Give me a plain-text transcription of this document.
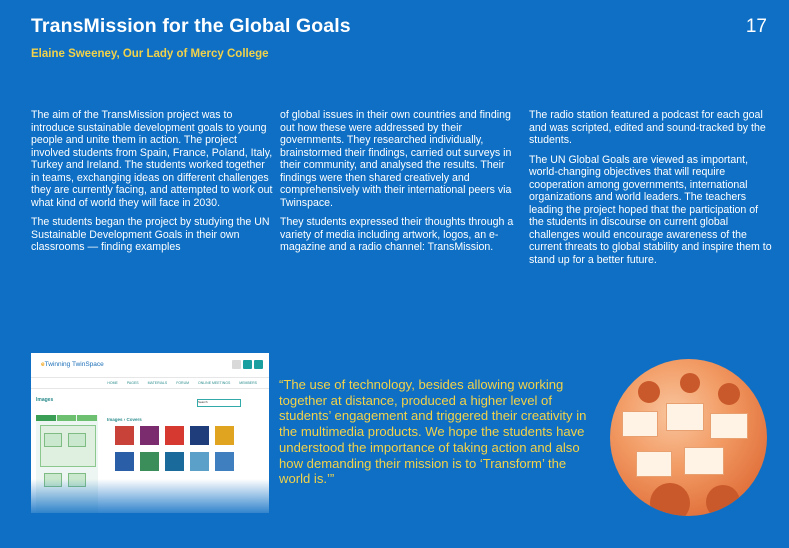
TransMission for the Global Goals	17
Elaine Sweeney, Our Lady of Mercy College

The aim of the TransMission project was to introduce sustainable development goals to young people and unite them in action. The project involved students from Spain, France, Poland, Italy, Turkey and Ireland. The students worked together in teams, exchanging ideas on different challenges they are currently facing, and attempted to work out what kind of world they will face in 2030.

The students began the project by studying the UN Sustainable Development Goals in their own classrooms — finding examples

of global issues in their own countries and finding out how these were addressed by their governments. They researched individually, brainstormed their findings, carried out surveys in their community, and analysed the results. Their findings were then shared creatively and comprehensively with their international peers via Twinspace.

They students expressed their thoughts through a variety of media including artwork, logos, an e-magazine and a radio channel: TransMission.

The radio station featured a podcast for each goal and was scripted, edited and sound-tracked by the students.

The UN Global Goals are viewed as important, world-changing objectives that will require cooperation among governments, international organizations and world leaders. The teachers leading the project hoped that the participation of the students in discourse on current global challenges would encourage awareness of the current threats to global stability and inspire them to stand up for a better future.

eTwinning TwinSpace
HOME	PAGES	MATERIALS	FORUM	ONLINE MEETINGS	MEMBERS
Images	Search
Images › Covers
“The use of technology, besides allowing working together at distance, produced a higher level of students’ engagement and triggered their creativity in the multimedia products. We hope the students have understood the importance of taking action and also how demanding their mission is to ‘Transform’ the world is.’”
